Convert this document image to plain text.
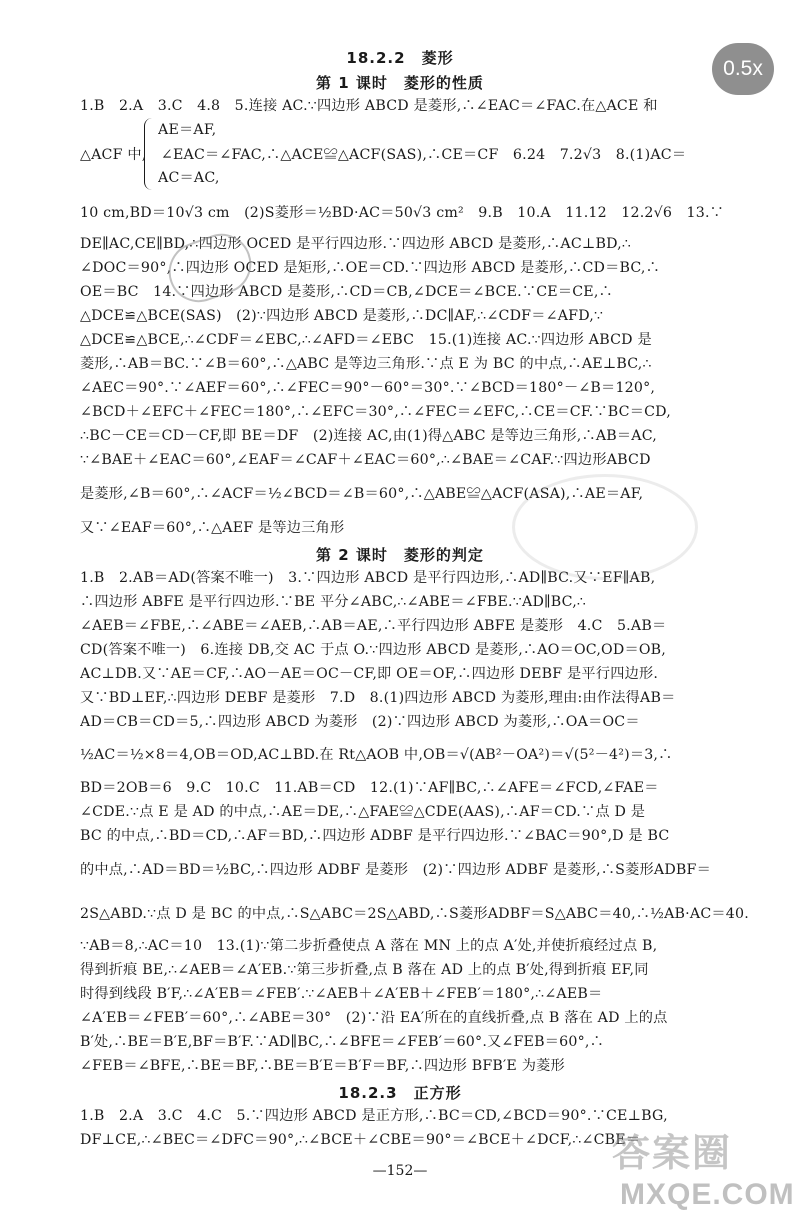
0.5x
18.2.2　菱形
第 1 课时　菱形的性质
1.B　2.A　3.C　4.8　5.连接 AC.∵四边形 ABCD 是菱形,∴∠EAC＝∠FAC.在△ACE 和
AE＝AF,
△ACF 中,　∠EAC＝∠FAC,∴△ACE≌△ACF(SAS),∴CE＝CF　6.24　7.2√3　8.(1)AC＝
AC＝AC,
10 cm,BD＝10√3 cm　(2)S菱形＝½BD·AC＝50√3 cm²　9.B　10.A　11.12　12.2√6　13.∵
DE∥AC,CE∥BD,∴四边形 OCED 是平行四边形.∵四边形 ABCD 是菱形,∴AC⊥BD,∴
∠DOC＝90°,∴四边形 OCED 是矩形,∴OE＝CD.∵四边形 ABCD 是菱形,∴CD＝BC,∴
OE＝BC　14.∵四边形 ABCD 是菱形,∴CD＝CB,∠DCE＝∠BCE.∵CE＝CE,∴
△DCE≌△BCE(SAS)　(2)∵四边形 ABCD 是菱形,∴DC∥AF,∴∠CDF＝∠AFD,∵
△DCE≌△BCE,∴∠CDF＝∠EBC,∴∠AFD＝∠EBC　15.(1)连接 AC.∵四边形 ABCD 是
菱形,∴AB＝BC.∵∠B＝60°,∴△ABC 是等边三角形.∵点 E 为 BC 的中点,∴AE⊥BC,∴
∠AEC＝90°.∵∠AEF＝60°,∴∠FEC＝90°－60°＝30°.∵∠BCD＝180°－∠B＝120°,
∠BCD＋∠EFC＋∠FEC＝180°,∴∠EFC＝30°,∴∠FEC＝∠EFC,∴CE＝CF.∵BC＝CD,
∴BC－CE＝CD－CF,即 BE＝DF　(2)连接 AC,由(1)得△ABC 是等边三角形,∴AB＝AC,
∵∠BAE＋∠EAC＝60°,∠EAF＝∠CAF＋∠EAC＝60°,∴∠BAE＝∠CAF.∵四边形ABCD
是菱形,∠B＝60°,∴∠ACF＝½∠BCD＝∠B＝60°,∴△ABE≌△ACF(ASA),∴AE＝AF,
又∵∠EAF＝60°,∴△AEF 是等边三角形
第 2 课时　菱形的判定
1.B　2.AB＝AD(答案不唯一)　3.∵四边形 ABCD 是平行四边形,∴AD∥BC.又∵EF∥AB,
∴四边形 ABFE 是平行四边形.∵BE 平分∠ABC,∴∠ABE＝∠FBE.∵AD∥BC,∴
∠AEB＝∠FBE,∴∠ABE＝∠AEB,∴AB＝AE,∴平行四边形 ABFE 是菱形　4.C　5.AB＝
CD(答案不唯一)　6.连接 DB,交 AC 于点 O.∵四边形 ABCD 是菱形,∴AO＝OC,OD＝OB,
AC⊥DB.又∵AE＝CF,∴AO－AE＝OC－CF,即 OE＝OF,∴四边形 DEBF 是平行四边形.
又∵BD⊥EF,∴四边形 DEBF 是菱形　7.D　8.(1)四边形 ABCD 为菱形,理由:由作法得AB＝
AD＝CB＝CD＝5,∴四边形 ABCD 为菱形　(2)∵四边形 ABCD 为菱形,∴OA＝OC＝
½AC＝½×8＝4,OB＝OD,AC⊥BD.在 Rt△AOB 中,OB＝√(AB²－OA²)＝√(5²－4²)＝3,∴
BD＝2OB＝6　9.C　10.C　11.AB＝CD　12.(1)∵AF∥BC,∴∠AFE＝∠FCD,∠FAE＝
∠CDE.∵点 E 是 AD 的中点,∴AE＝DE,∴△FAE≌△CDE(AAS),∴AF＝CD.∵点 D 是
BC 的中点,∴BD＝CD,∴AF＝BD,∴四边形 ADBF 是平行四边形.∵∠BAC＝90°,D 是 BC
的中点,∴AD＝BD＝½BC,∴四边形 ADBF 是菱形　(2)∵四边形 ADBF 是菱形,∴S菱形ADBF＝
2S△ABD.∵点 D 是 BC 的中点,∴S△ABC＝2S△ABD,∴S菱形ADBF＝S△ABC＝40,∴½AB·AC＝40.
∵AB＝8,∴AC＝10　13.(1)∵第二步折叠使点 A 落在 MN 上的点 A′处,并使折痕经过点 B,
得到折痕 BE,∴∠AEB＝∠A′EB.∵第三步折叠,点 B 落在 AD 上的点 B′处,得到折痕 EF,同
时得到线段 B′F,∴∠A′EB＝∠FEB′.∵∠AEB＋∠A′EB＋∠FEB′＝180°,∴∠AEB＝
∠A′EB＝∠FEB′＝60°,∴∠ABE＝30°　(2)∵沿 EA′所在的直线折叠,点 B 落在 AD 上的点
B′处,∴BE＝B′E,BF＝B′F.∵AD∥BC,∴∠BFE＝∠FEB′＝60°.又∠FEB＝60°,∴
∠FEB＝∠BFE,∴BE＝BF,∴BE＝B′E＝B′F＝BF,∴四边形 BFB′E 为菱形
18.2.3　正方形
1.B　2.A　3.C　4.C　5.∵四边形 ABCD 是正方形,∴BC＝CD,∠BCD＝90°.∵CE⊥BG,
DF⊥CE,∴∠BEC＝∠DFC＝90°,∴∠BCE＋∠CBE＝90°＝∠BCE＋∠DCF,∴∠CBE＝
—152—	答案圈
MXQE.COM
